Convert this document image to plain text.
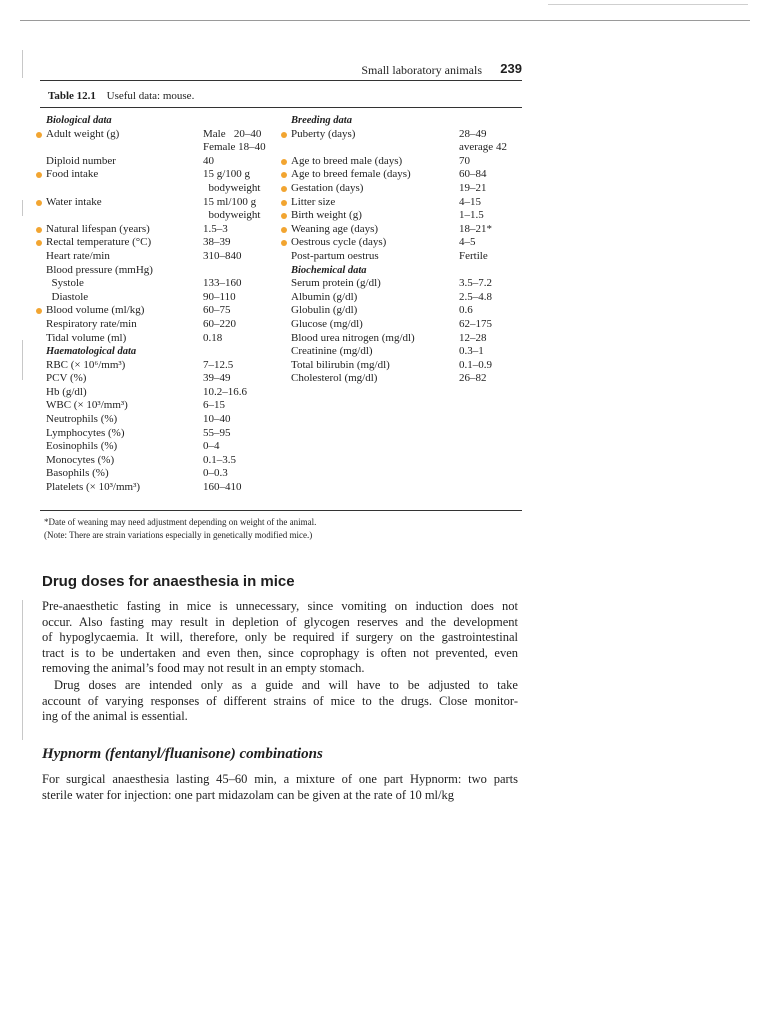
Small laboratory animals 239
Table 12.1 Useful data: mouse.
Biological data
Adult weight (g)	Male   20–40
Female 18–40
Diploid number	40
Food intake	15 g/100 g
bodyweight
Water intake	15 ml/100 g
bodyweight
Natural lifespan (years)	1.5–3
Rectal temperature (°C)	38–39
Heart rate/min	310–840
Blood pressure (mmHg)
Systole	133–160
Diastole	90–110
Blood volume (ml/kg)	60–75
Respiratory rate/min	60–220
Tidal volume (ml)	0.18
Haematological data
RBC (× 10⁶/mm³)	7–12.5
PCV (%)	39–49
Hb (g/dl)	10.2–16.6
WBC (× 10³/mm³)	6–15
Neutrophils (%)	10–40
Lymphocytes (%)	55–95
Eosinophils (%)	0–4
Monocytes (%)	0.1–3.5
Basophils (%)	0–0.3
Platelets (× 10³/mm³)	160–410
Breeding data
Puberty (days)	28–49
average 42
Age to breed male (days)	70
Age to breed female (days)	60–84
Gestation (days)	19–21
Litter size	4–15
Birth weight (g)	1–1.5
Weaning age (days)	18–21*
Oestrous cycle (days)	4–5
Post-partum oestrus	Fertile
Biochemical data
Serum protein (g/dl)	3.5–7.2
Albumin (g/dl)	2.5–4.8
Globulin (g/dl)	0.6
Glucose (mg/dl)	62–175
Blood urea nitrogen (mg/dl)	12–28
Creatinine (mg/dl)	0.3–1
Total bilirubin (mg/dl)	0.1–0.9
Cholesterol (mg/dl)	26–82
*Date of weaning may need adjustment depending on weight of the animal.
(Note: There are strain variations especially in genetically modified mice.)
Drug doses for anaesthesia in mice
Pre-anaesthetic fasting in mice is unnecessary, since vomiting on induction does not
occur. Also fasting may result in depletion of glycogen reserves and the development
of hypoglycaemia. It will, therefore, only be required if surgery on the gastrointestinal
tract is to be undertaken and even then, since coprophagy is often not prevented, even
removing the animal’s food may not result in an empty stomach.
Drug doses are intended only as a guide and will have to be adjusted to take
account of varying responses of different strains of mice to the drugs. Close monitor-
ing of the animal is essential.
Hypnorm (fentanyl/fluanisone) combinations
For surgical anaesthesia lasting 45–60 min, a mixture of one part Hypnorm: two parts
sterile water for injection: one part midazolam can be given at the rate of 10 ml/kg
